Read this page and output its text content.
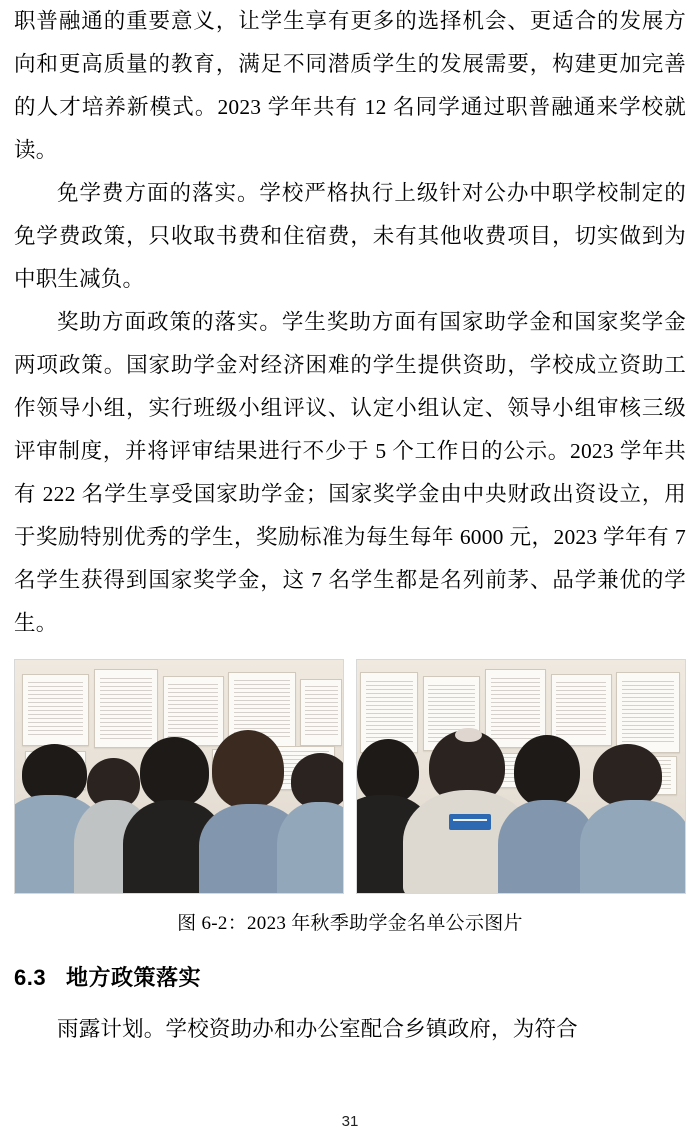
职普融通的重要意义，让学生享有更多的选择机会、更适合的发展方向和更高质量的教育，满足不同潜质学生的发展需要，构建更加完善的人才培养新模式。2023 学年共有 12 名同学通过职普融通来学校就读。

免学费方面的落实。学校严格执行上级针对公办中职学校制定的免学费政策，只收取书费和住宿费，未有其他收费项目，切实做到为中职生减负。

奖助方面政策的落实。学生奖助方面有国家助学金和国家奖学金两项政策。国家助学金对经济困难的学生提供资助，学校成立资助工作领导小组，实行班级小组评议、认定小组认定、领导小组审核三级评审制度，并将评审结果进行不少于 5 个工作日的公示。2023 学年共有 222 名学生享受国家助学金；国家奖学金由中央财政出资设立，用于奖励特别优秀的学生，奖励标准为每生每年 6000 元，2023 学年有 7 名学生获得到国家奖学金，这 7 名学生都是名列前茅、品学兼优的学生。

图 6-2：2023 年秋季助学金名单公示图片
6.3 地方政策落实

雨露计划。学校资助办和办公室配合乡镇政府，为符合

31
